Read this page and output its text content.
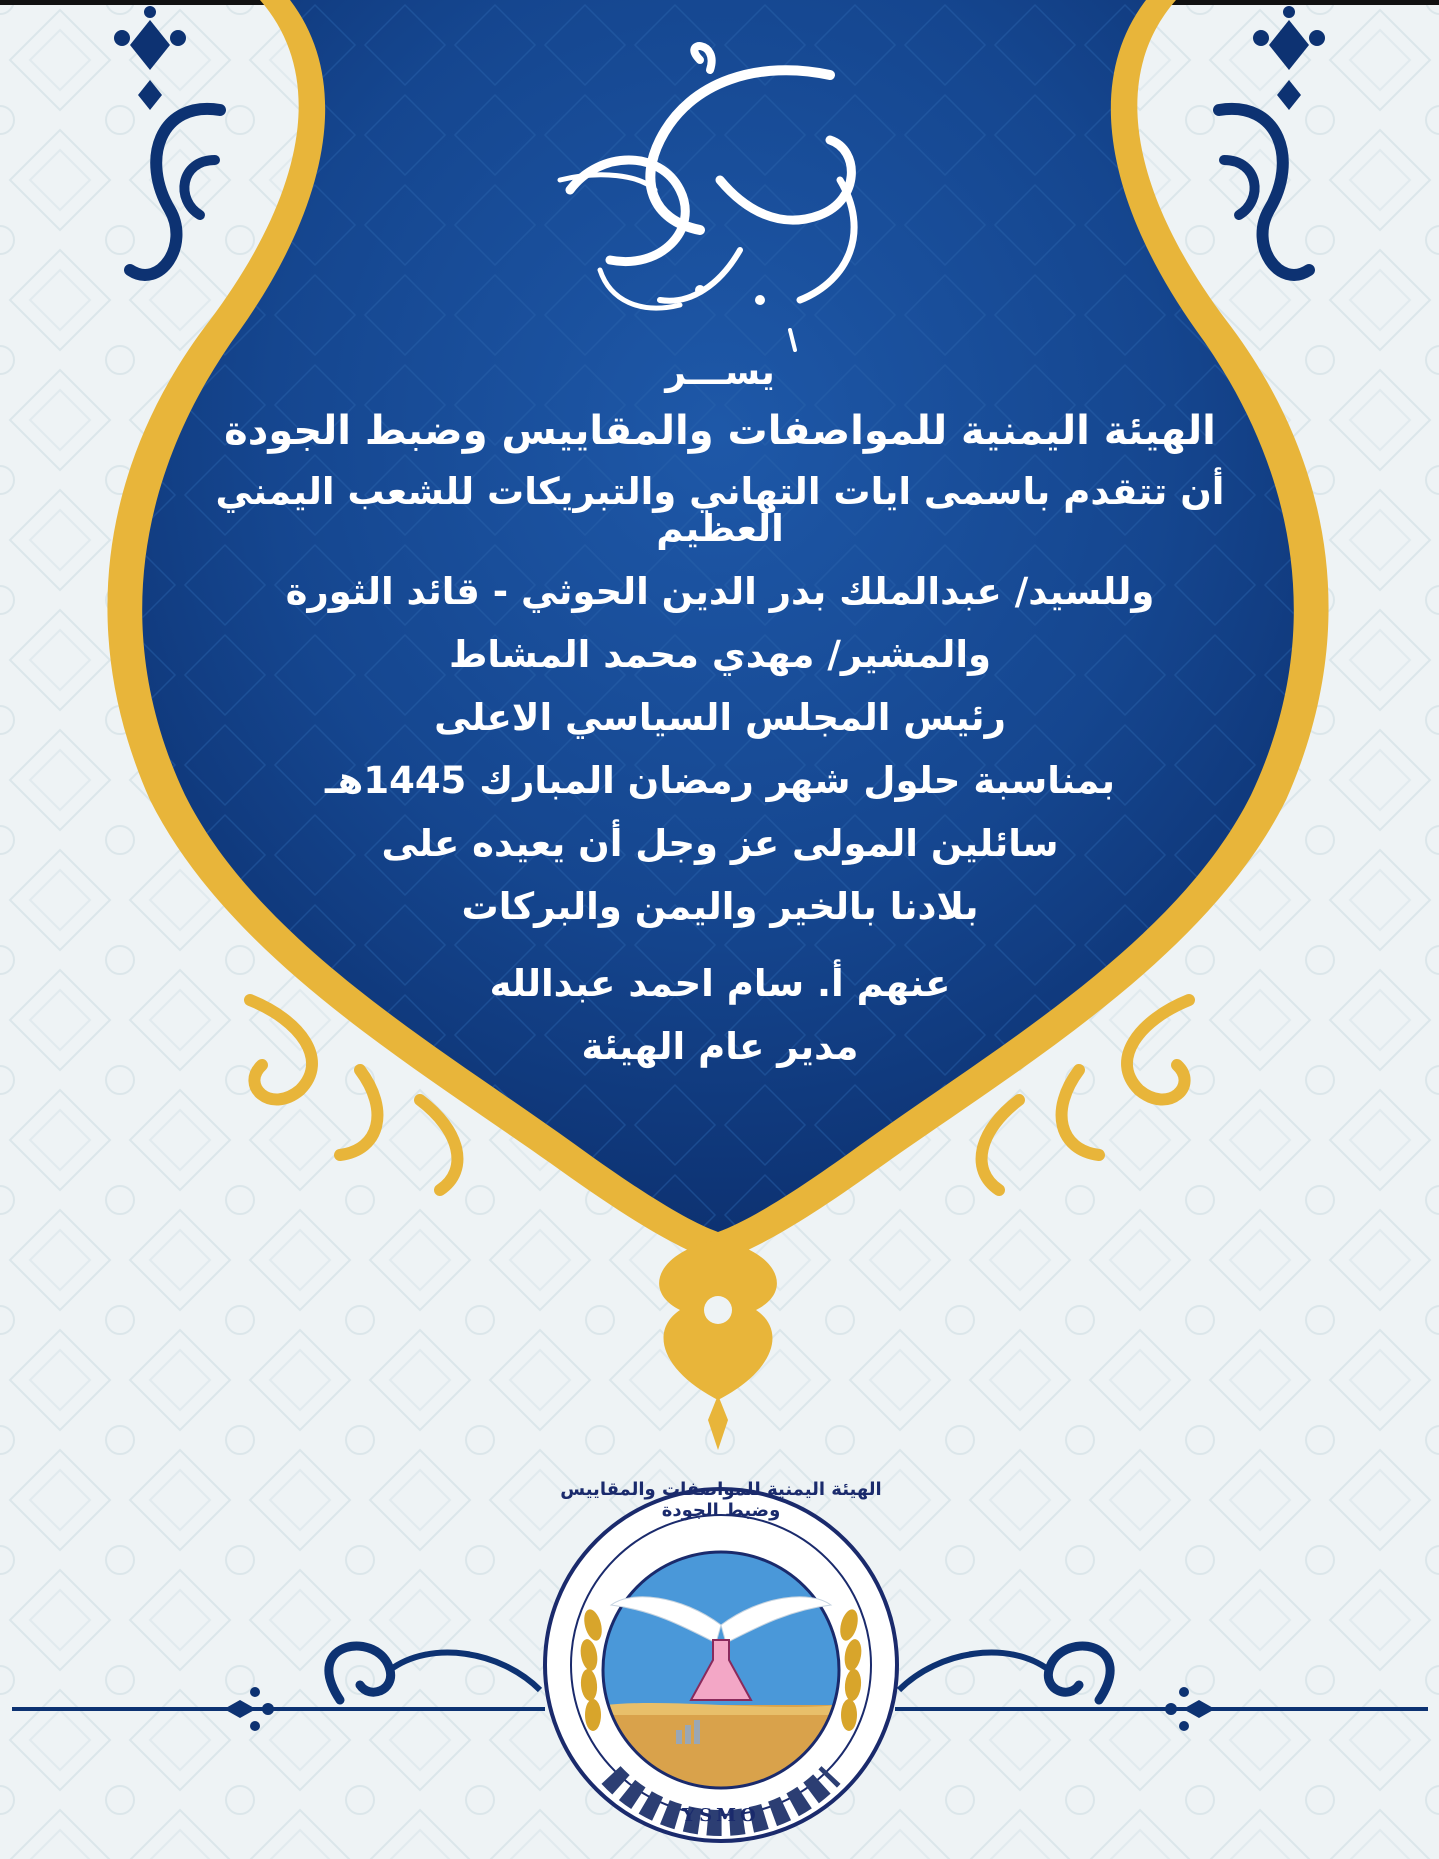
يســـر
الهيئة اليمنية للمواصفات والمقاييس وضبط الجودة
أن تتقدم باسمى ايات التهاني والتبريكات للشعب اليمني العظيم
وللسيد/ عبدالملك بدر الدين الحوثي - قائد الثورة
والمشير/ مهدي محمد المشاط
رئيس المجلس السياسي الاعلى
بمناسبة حلول شهر رمضان المبارك 1445هـ
سائلين المولى عز وجل أن يعيده على
بلادنا بالخير واليمن والبركات
عنهم أ. سام احمد عبدالله
مدير عام الهيئة
الهيئة اليمنية للمواصفات والمقاييس وضبط الجودة
YSMO
